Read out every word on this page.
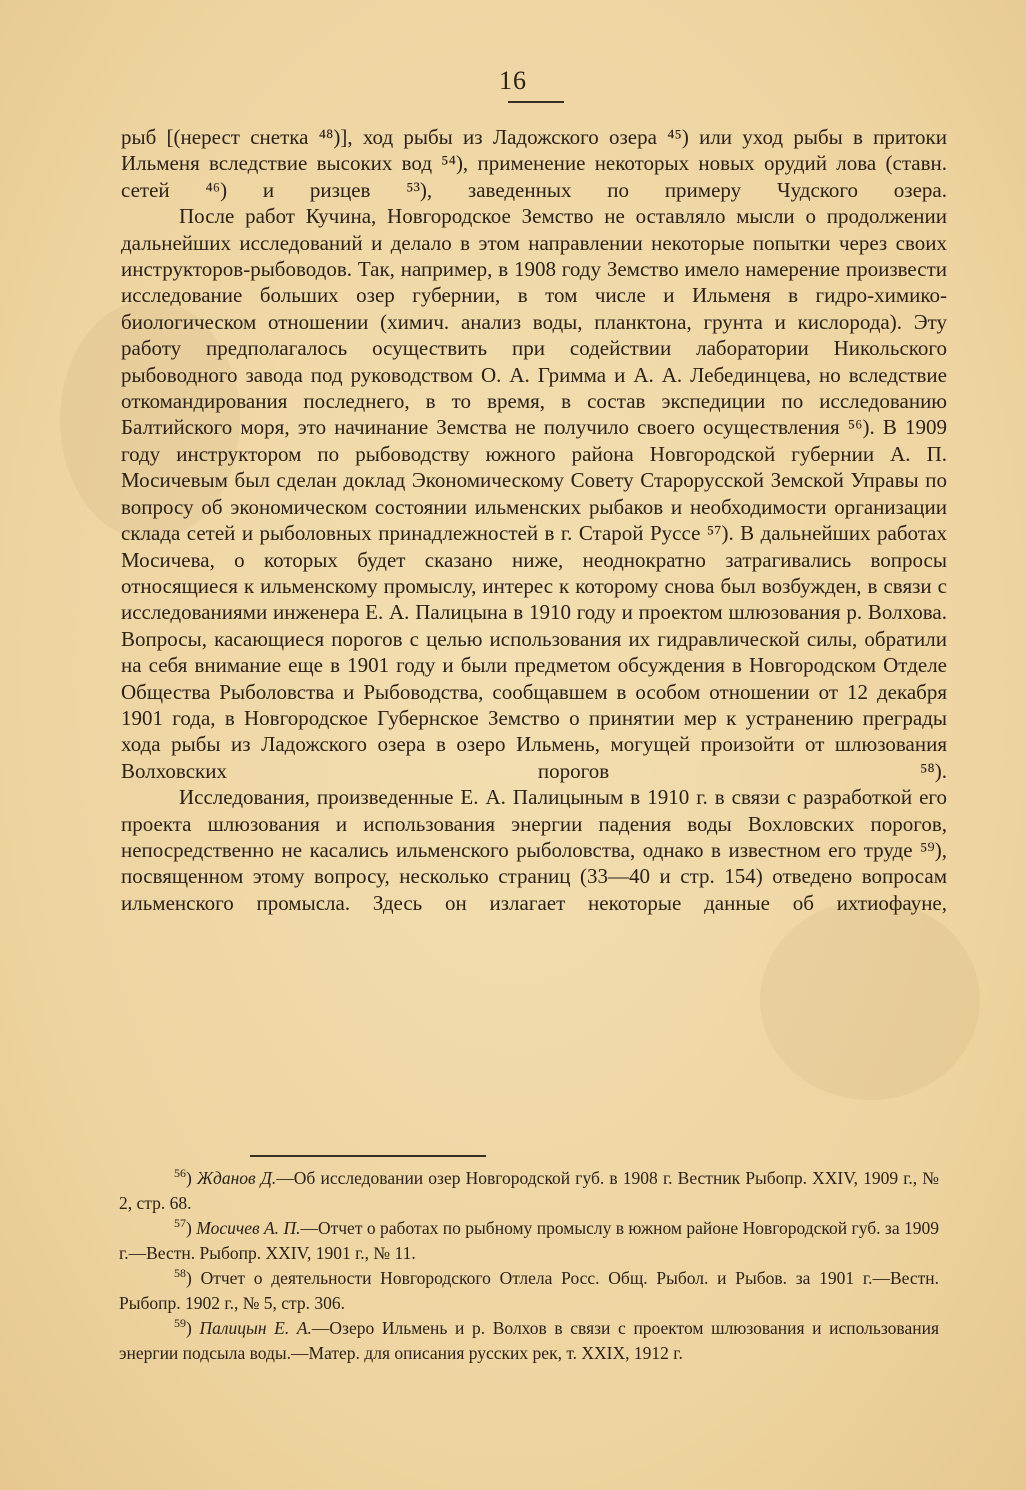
16

рыб [(нерест снетка ⁴⁸)], ход рыбы из Ладожского озера ⁴⁵) или уход рыбы в притоки Ильменя вследствие высоких вод ⁵⁴), применение некоторых новых орудий лова (ставн. сетей ⁴⁶) и ризцев ⁵³), заведенных по примеру Чудского озера.

После работ Кучина, Новгородское Земство не оставляло мысли о продолжении дальнейших исследований и делало в этом направлении некоторые попытки через своих инструкторов-рыбоводов. Так, например, в 1908 году Земство имело намерение произвести исследование больших озер губернии, в том числе и Ильменя в гидро-химико-биологическом отношении (химич. анализ воды, планктона, грунта и кислорода). Эту работу предполагалось осуществить при содействии лаборатории Никольского рыбоводного завода под руководством О. А. Гримма и А. А. Лебединцева, но вследствие откомандирования последнего, в то время, в состав экспедиции по исследованию Балтийского моря, это начинание Земства не получило своего осуществления ⁵⁶). В 1909 году инструктором по рыбоводству южного района Новгородской губернии А. П. Мосичевым был сделан доклад Экономическому Совету Старорусской Земской Управы по вопросу об экономическом состоянии ильменских рыбаков и необходимости организации склада сетей и рыболовных принадлежностей в г. Старой Руссе ⁵⁷). В дальнейших работах Мосичева, о которых будет сказано ниже, неоднократно затрагивались вопросы относящиеся к ильменскому промыслу, интерес к которому снова был возбужден, в связи с исследованиями инженера Е. А. Палицына в 1910 году и проектом шлюзования р. Волхова. Вопросы, касающиеся порогов с целью использования их гидравлической силы, обратили на себя внимание еще в 1901 году и были предметом обсуждения в Новгородском Отделе Общества Рыболовства и Рыбоводства, сообщавшем в особом отношении от 12 декабря 1901 года, в Новгородское Губернское Земство о принятии мер к устранению преграды хода рыбы из Ладожского озера в озеро Ильмень, могущей произойти от шлюзования Волховских порогов ⁵⁸).

Исследования, произведенные Е. А. Палицыным в 1910 г. в связи с разработкой его проекта шлюзования и использования энергии падения воды Вохловских порогов, непосредственно не касались ильменского рыболовства, однако в известном его труде ⁵⁹), посвященном этому вопросу, несколько страниц (33—40 и стр. 154) отведено вопросам ильменского промысла. Здесь он излагает некоторые данные об ихтиофауне,

$^{56}$) Жданов Д.—Об исследовании озер Новгородской губ. в 1908 г. Вестник Рыбопр. XXIV, 1909 г., № 2, стр. 68.

$^{57}$) Мосичев А. П.—Отчет о работах по рыбному промыслу в южном районе Новгородской губ. за 1909 г.—Вестн. Рыбопр. XXIV, 1901 г., № 11.

$^{58}$) Отчет о деятельности Новгородского Отлела Росс. Общ. Рыбол. и Рыбов. за 1901 г.—Вестн. Рыбопр. 1902 г., № 5, стр. 306.

$^{59}$) Палицын Е. А.—Озеро Ильмень и р. Волхов в связи с проектом шлюзования и использования энергии подсыла воды.—Матер. для описания русских рек, т. XXIX, 1912 г.
